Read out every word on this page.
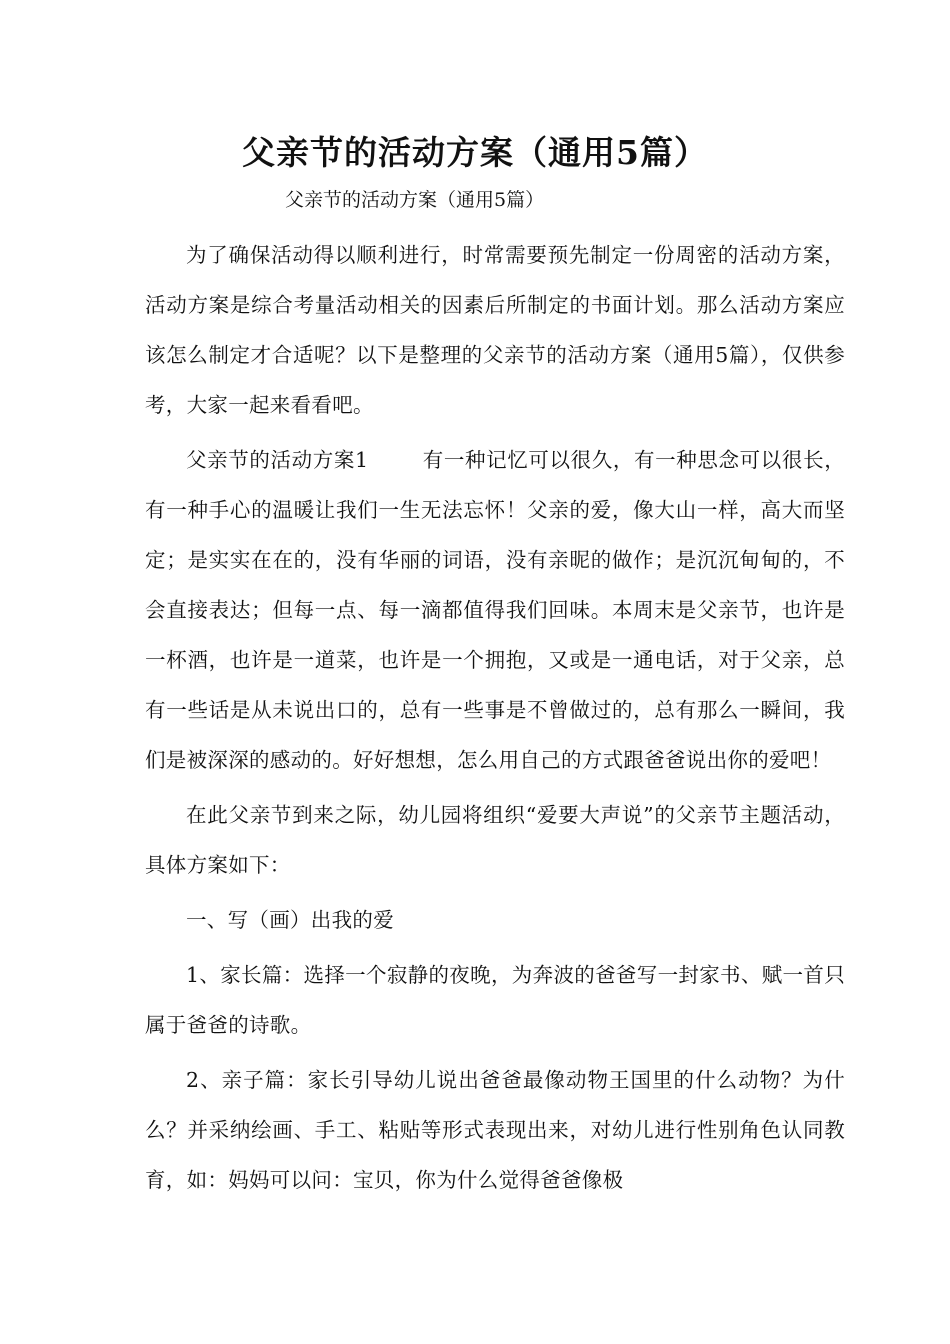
父亲节的活动方案（通用5篇）

父亲节的活动方案（通用5篇）

为了确保活动得以顺利进行，时常需要预先制定一份周密的活动方案，活动方案是综合考量活动相关的因素后所制定的书面计划。那么活动方案应该怎么制定才合适呢？以下是整理的父亲节的活动方案（通用5篇），仅供参考，大家一起来看看吧。

父亲节的活动方案1	有一种记忆可以很久，有一种思念可以很长，有一种手心的温暖让我们一生无法忘怀！父亲的爱，像大山一样，高大而坚定；是实实在在的，没有华丽的词语，没有亲昵的做作；是沉沉甸甸的，不会直接表达；但每一点、每一滴都值得我们回味。本周末是父亲节，也许是一杯酒，也许是一道菜，也许是一个拥抱，又或是一通电话，对于父亲，总有一些话是从未说出口的，总有一些事是不曾做过的，总有那么一瞬间，我们是被深深的感动的。好好想想，怎么用自己的方式跟爸爸说出你的爱吧！

在此父亲节到来之际，幼儿园将组织“爱要大声说”的父亲节主题活动，具体方案如下：

一、写（画）出我的爱

1、家长篇：选择一个寂静的夜晚，为奔波的爸爸写一封家书、赋一首只属于爸爸的诗歌。

2、亲子篇：家长引导幼儿说出爸爸最像动物王国里的什么动物？为什么？并采纳绘画、手工、粘贴等形式表现出来，对幼儿进行性别角色认同教育，如：妈妈可以问：宝贝，你为什么觉得爸爸像极
